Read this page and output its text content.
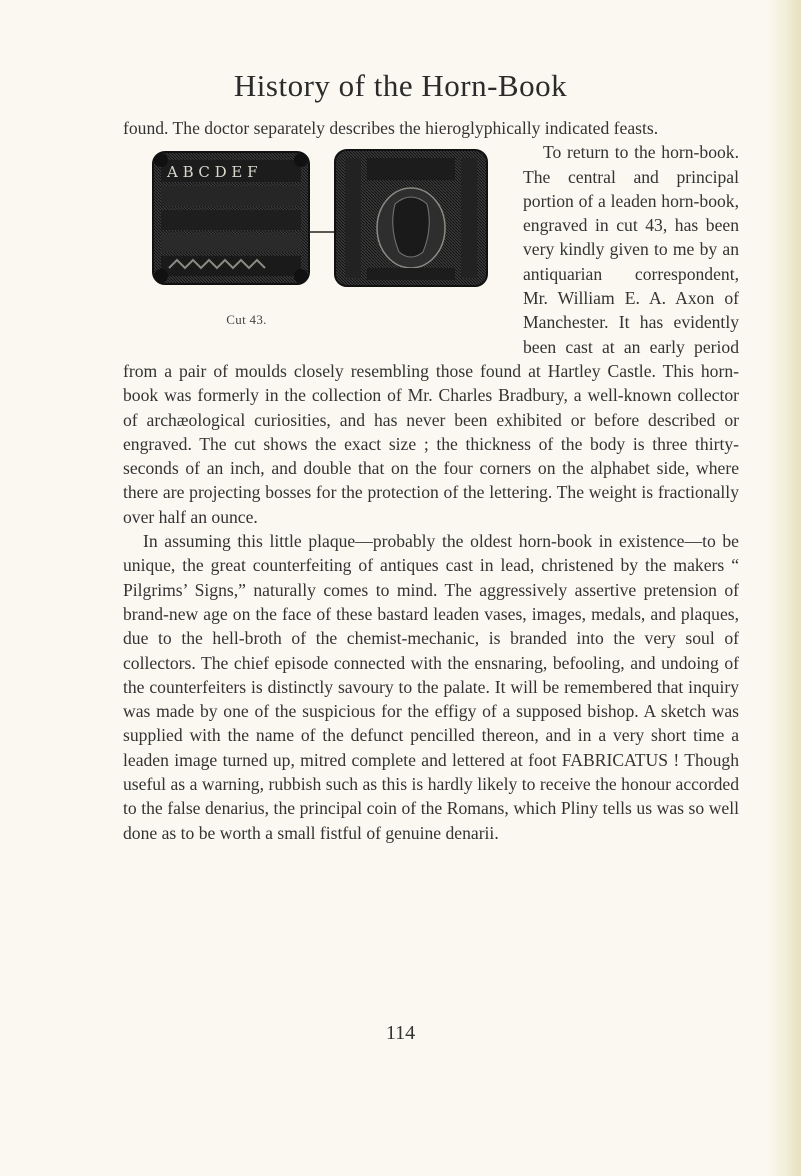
History of the Horn-Book

found. The doctor separately describes the hieroglyphically indicated feasts.

A B C D E F
Cut 43.
To return to the horn-book. The central and principal portion of a leaden horn-book, engraved in cut 43, has been very kindly given to me by an antiquarian correspondent, Mr. William E. A. Axon of Manchester. It has evidently been cast at an early period from a pair of moulds closely resembling those found at Hartley Castle. This horn-book was formerly in the collection of Mr. Charles Bradbury, a well-known collector of archæological curiosities, and has never been exhibited or before described or engraved. The cut shows the exact size ; the thickness of the body is three thirty-seconds of an inch, and double that on the four corners on the alphabet side, where there are projecting bosses for the protection of the lettering. The weight is fractionally over half an ounce.

In assuming this little plaque—probably the oldest horn-book in existence—to be unique, the great counterfeiting of antiques cast in lead, christened by the makers “ Pilgrims’ Signs,” naturally comes to mind. The aggressively assertive pretension of brand-new age on the face of these bastard leaden vases, images, medals, and plaques, due to the hell-broth of the chemist-mechanic, is branded into the very soul of collectors. The chief episode connected with the ensnaring, befooling, and undoing of the counterfeiters is distinctly savoury to the palate. It will be remembered that inquiry was made by one of the suspicious for the effigy of a supposed bishop. A sketch was supplied with the name of the defunct pencilled thereon, and in a very short time a leaden image turned up, mitred complete and lettered at foot FABRICATUS ! Though useful as a warning, rubbish such as this is hardly likely to receive the honour accorded to the false denarius, the principal coin of the Romans, which Pliny tells us was so well done as to be worth a small fistful of genuine denarii.

114
